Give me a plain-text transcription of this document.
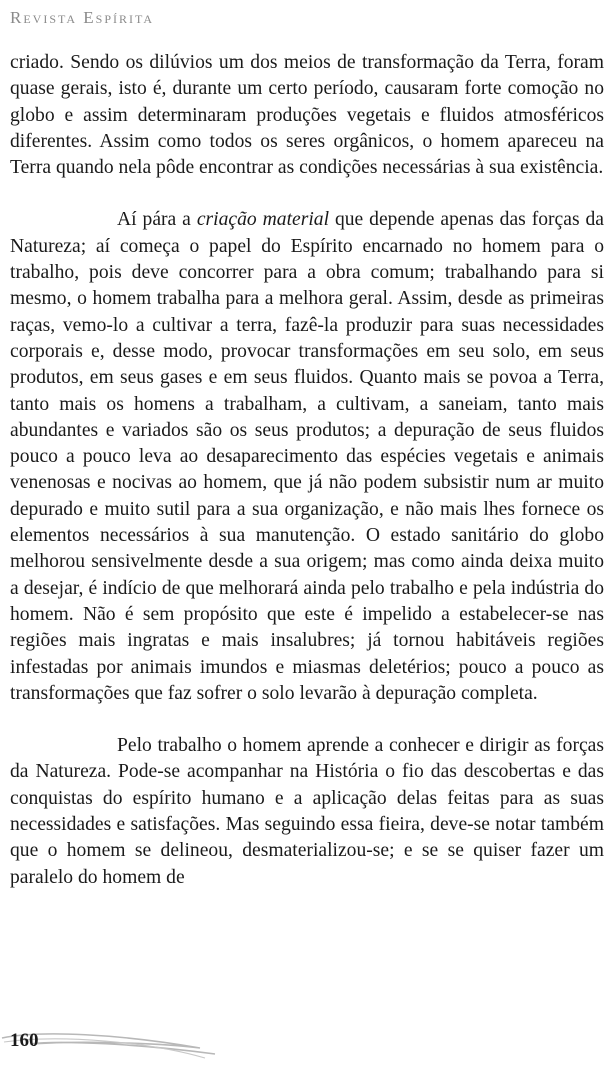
Revista Espírita

criado. Sendo os dilúvios um dos meios de transformação da Terra, foram quase gerais, isto é, durante um certo período, causaram forte comoção no globo e assim determinaram produções vegetais e fluidos atmosféricos diferentes. Assim como todos os seres orgânicos, o homem apareceu na Terra quando nela pôde encontrar as condições necessárias à sua existência.

Aí pára a criação material que depende apenas das forças da Natureza; aí começa o papel do Espírito encarnado no homem para o trabalho, pois deve concorrer para a obra comum; trabalhando para si mesmo, o homem trabalha para a melhora geral. Assim, desde as primeiras raças, vemo-lo a cultivar a terra, fazê-la produzir para suas necessidades corporais e, desse modo, provocar transformações em seu solo, em seus produtos, em seus gases e em seus fluidos. Quanto mais se povoa a Terra, tanto mais os homens a trabalham, a cultivam, a saneiam, tanto mais abundantes e variados são os seus produtos; a depuração de seus fluidos pouco a pouco leva ao desaparecimento das espécies vegetais e animais venenosas e nocivas ao homem, que já não podem subsistir num ar muito depurado e muito sutil para a sua organização, e não mais lhes fornece os elementos necessários à sua manutenção. O estado sanitário do globo melhorou sensivelmente desde a sua origem; mas como ainda deixa muito a desejar, é indício de que melhorará ainda pelo trabalho e pela indústria do homem. Não é sem propósito que este é impelido a estabelecer-se nas regiões mais ingratas e mais insalubres; já tornou habitáveis regiões infestadas por animais imundos e miasmas deletérios; pouco a pouco as transformações que faz sofrer o solo levarão à depuração completa.

Pelo trabalho o homem aprende a conhecer e dirigir as forças da Natureza. Pode-se acompanhar na História o fio das descobertas e das conquistas do espírito humano e a aplicação delas feitas para as suas necessidades e satisfações. Mas seguindo essa fieira, deve-se notar também que o homem se delineou, desmaterializou-se; e se se quiser fazer um paralelo do homem de

160
